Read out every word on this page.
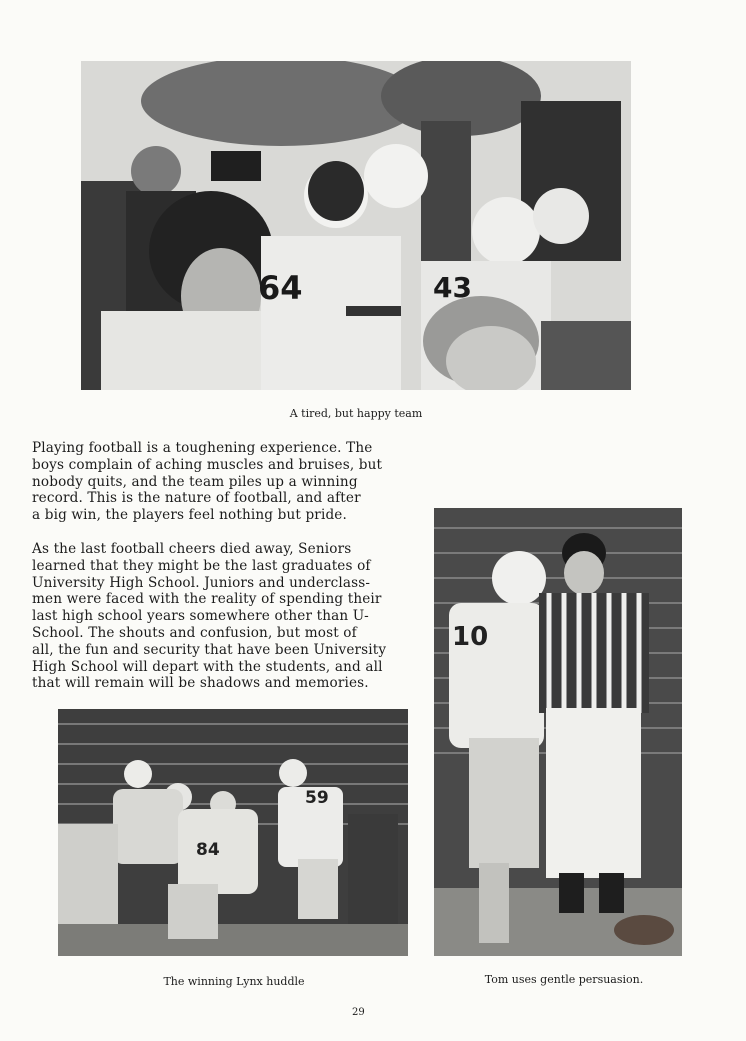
64	43
A tired, but happy team

Playing football is a toughening experience. The
boys complain of aching muscles and bruises, but
nobody quits, and the team piles up a winning
record. This is the nature of football, and after
a big win, the players feel nothing but pride.

As the last football cheers died away, Seniors
learned that they might be the last graduates of
University High School. Juniors and underclass-
men were faced with the reality of spending their
last high school years somewhere other than U-
School. The shouts and confusion, but most of
all, the fun and security that have been University
High School will depart with the students, and all
that will remain will be shadows and memories.

10
Tom uses gentle persuasion.
59
84
The winning Lynx huddle
29
